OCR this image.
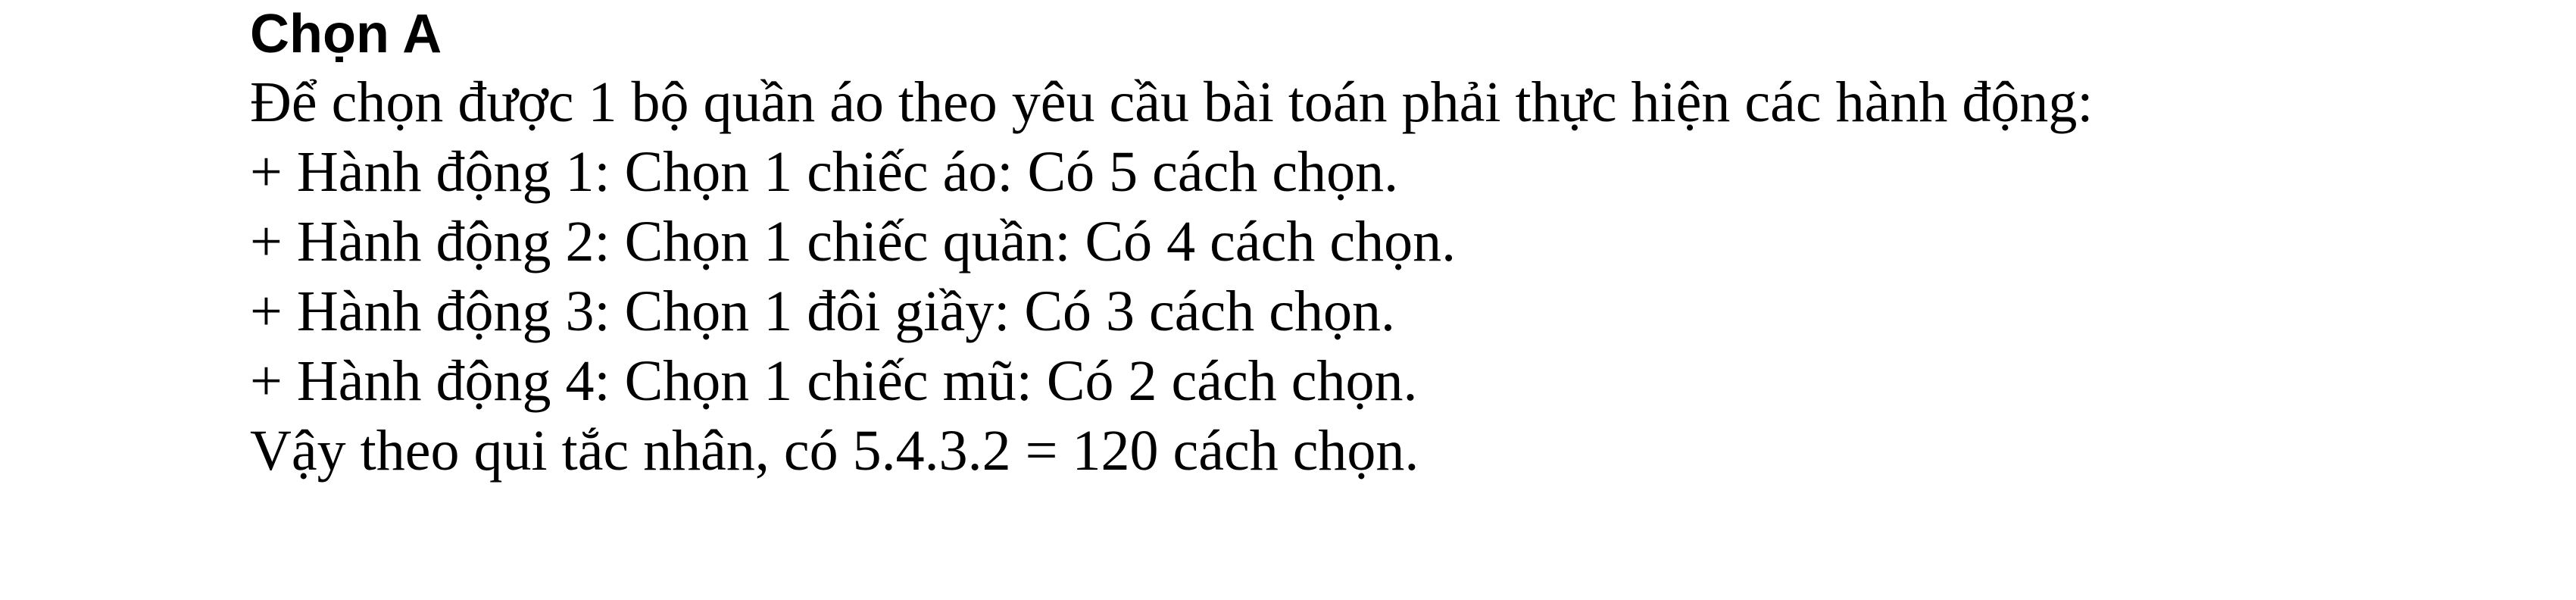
Chọn A
Để chọn được 1 bộ quần áo theo yêu cầu bài toán phải thực hiện các hành động:
+ Hành động 1: Chọn 1 chiếc áo: Có 5 cách chọn.
+ Hành động 2: Chọn 1 chiếc quần: Có 4 cách chọn.
+ Hành động 3: Chọn 1 đôi giầy: Có 3 cách chọn.
+ Hành động 4: Chọn 1 chiếc mũ: Có 2 cách chọn.
Vậy theo qui tắc nhân, có 5.4.3.2 = 120 cách chọn.
